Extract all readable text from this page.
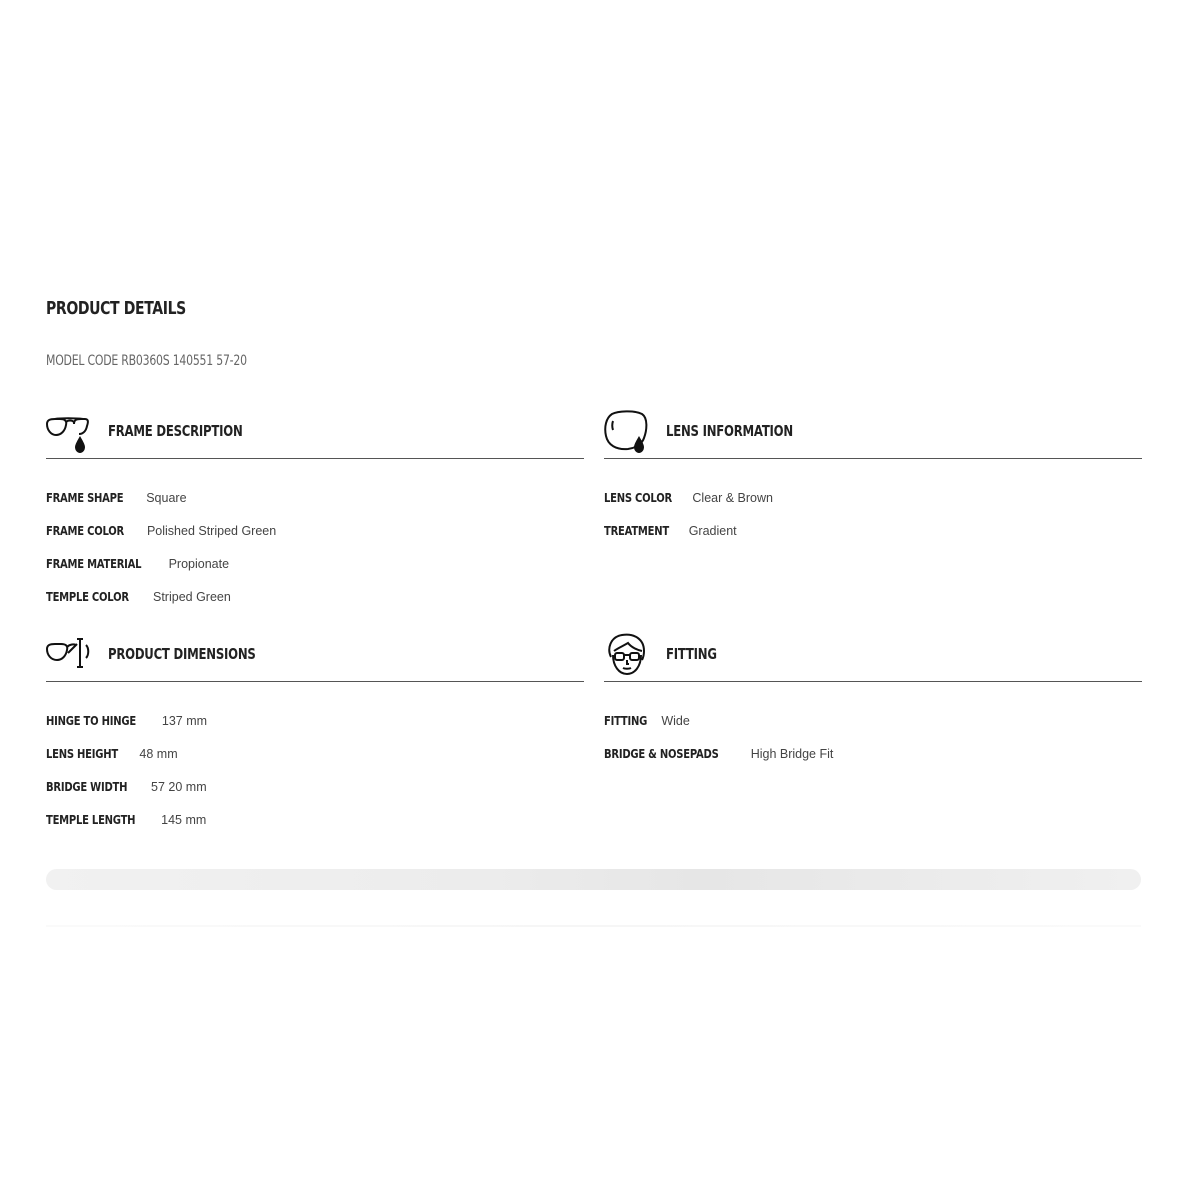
PRODUCT DETAILS
MODEL CODE RB0360S 140551 57-20
FRAME DESCRIPTION
FRAME SHAPE Square
FRAME COLOR Polished Striped Green
FRAME MATERIAL Propionate
TEMPLE COLOR Striped Green
LENS INFORMATION
LENS COLOR Clear & Brown
TREATMENT Gradient
PRODUCT DIMENSIONS
HINGE TO HINGE 137 mm
LENS HEIGHT 48 mm
BRIDGE WIDTH 57 20 mm
TEMPLE LENGTH 145 mm
FITTING
FITTING Wide
BRIDGE & NOSEPADS	High Bridge Fit
